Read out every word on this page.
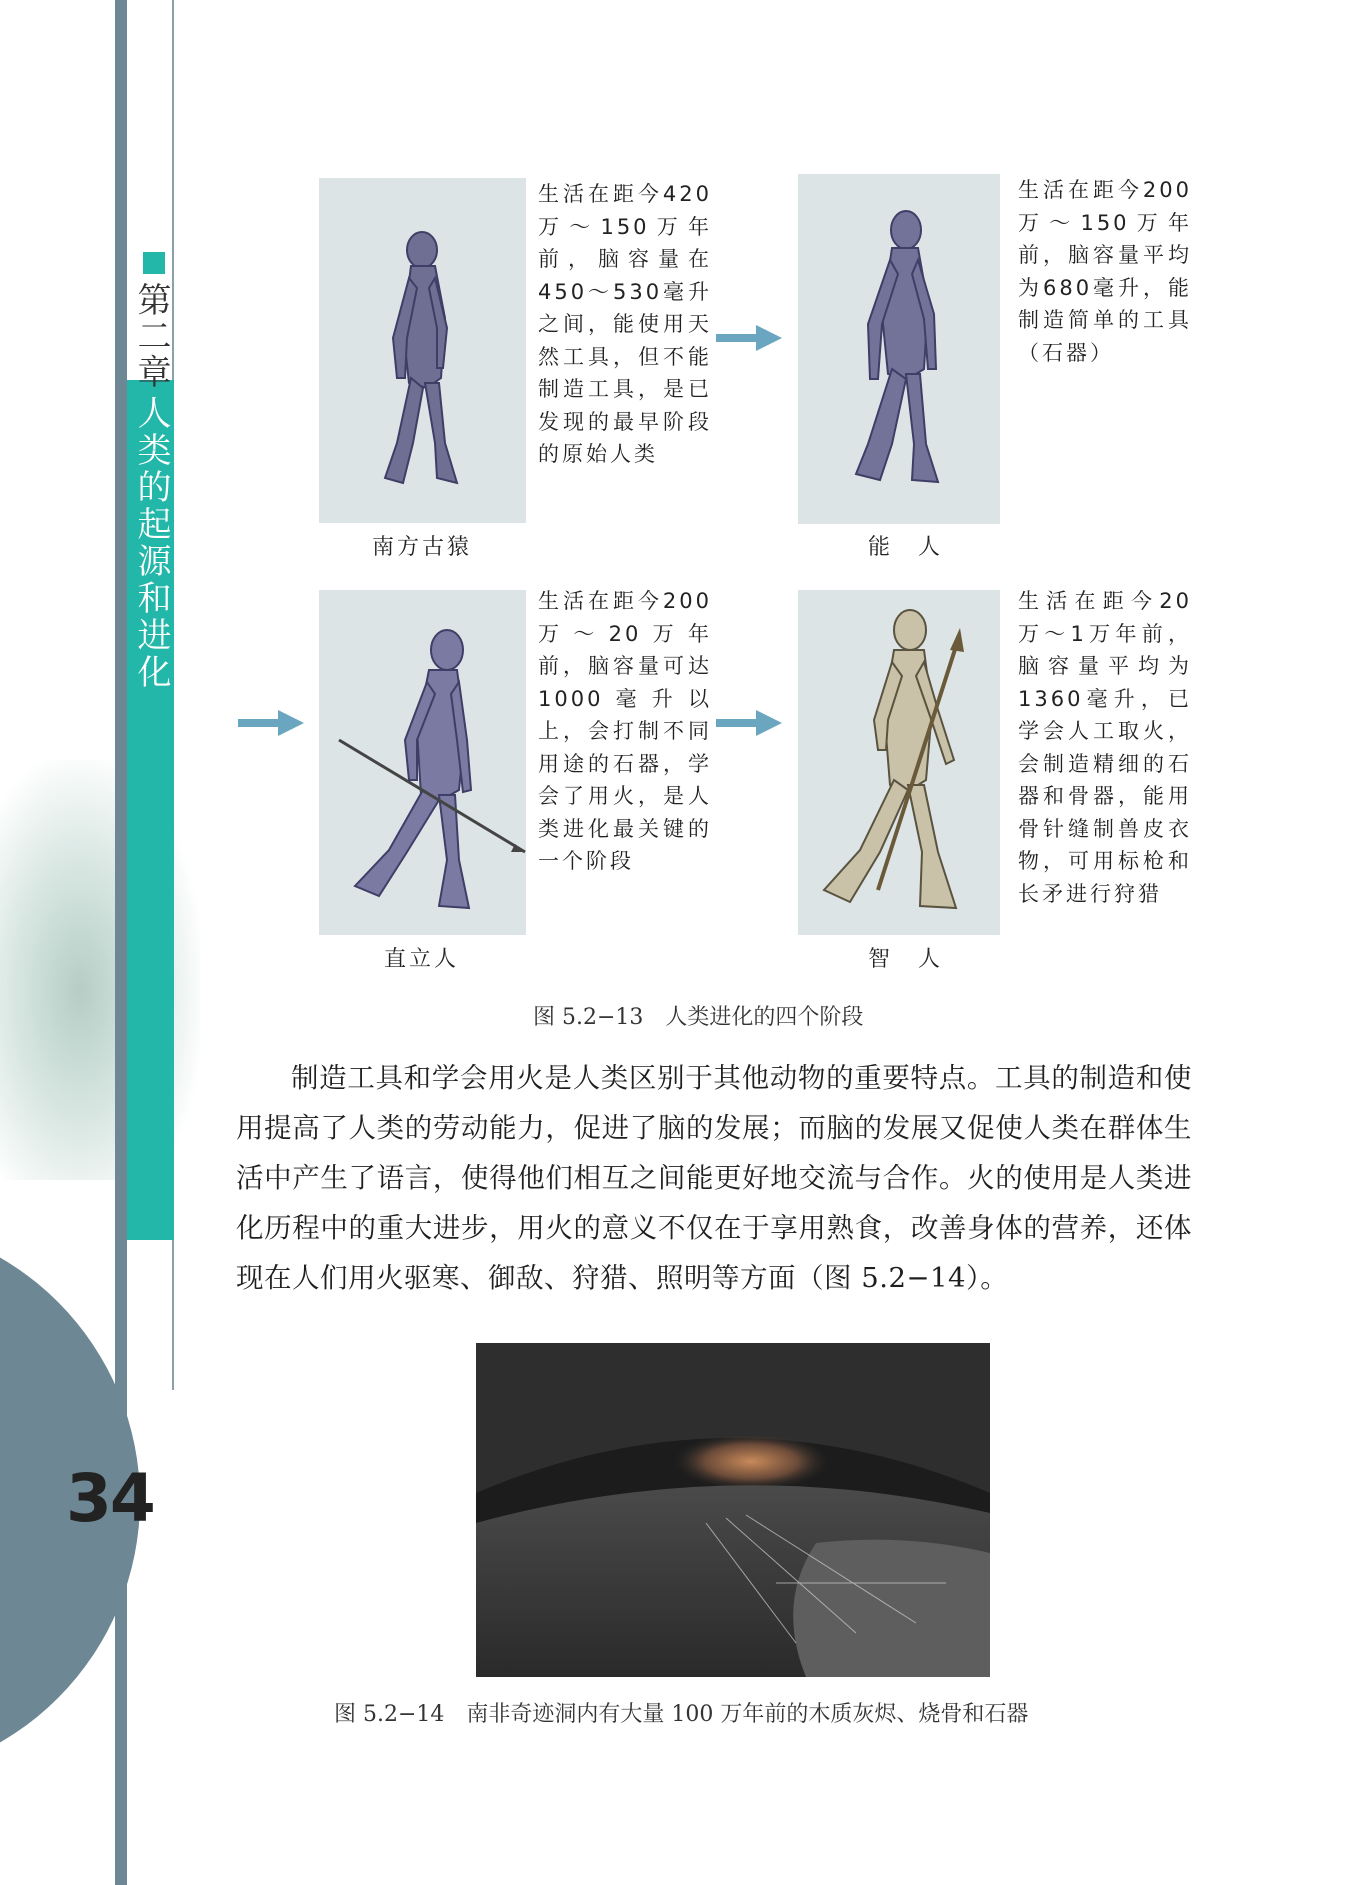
第二章
人类的起源和进化
34
生活在距今420万～150万年前，脑容量在450～530毫升之间，能使用天然工具，但不能制造工具，是已发现的最早阶段的原始人类
南方古猿
生活在距今200万～150万年前，脑容量平均为680毫升，能制造简单的工具（石器）
能　人
生活在距今200万～20万年前，脑容量可达1000毫升以上，会打制不同用途的石器，学会了用火，是人类进化最关键的一个阶段
直立人
生活在距今20万～1万年前，脑容量平均为1360毫升，已学会人工取火，会制造精细的石器和骨器，能用骨针缝制兽皮衣物，可用标枪和长矛进行狩猎
智　人
图 5.2−13　人类进化的四个阶段

制造工具和学会用火是人类区别于其他动物的重要特点。工具的制造和使用提高了人类的劳动能力，促进了脑的发展；而脑的发展又促使人类在群体生活中产生了语言，使得他们相互之间能更好地交流与合作。火的使用是人类进化历程中的重大进步，用火的意义不仅在于享用熟食，改善身体的营养，还体现在人们用火驱寒、御敌、狩猎、照明等方面（图 5.2−14）。

图 5.2−14　南非奇迹洞内有大量 100 万年前的木质灰烬、烧骨和石器
